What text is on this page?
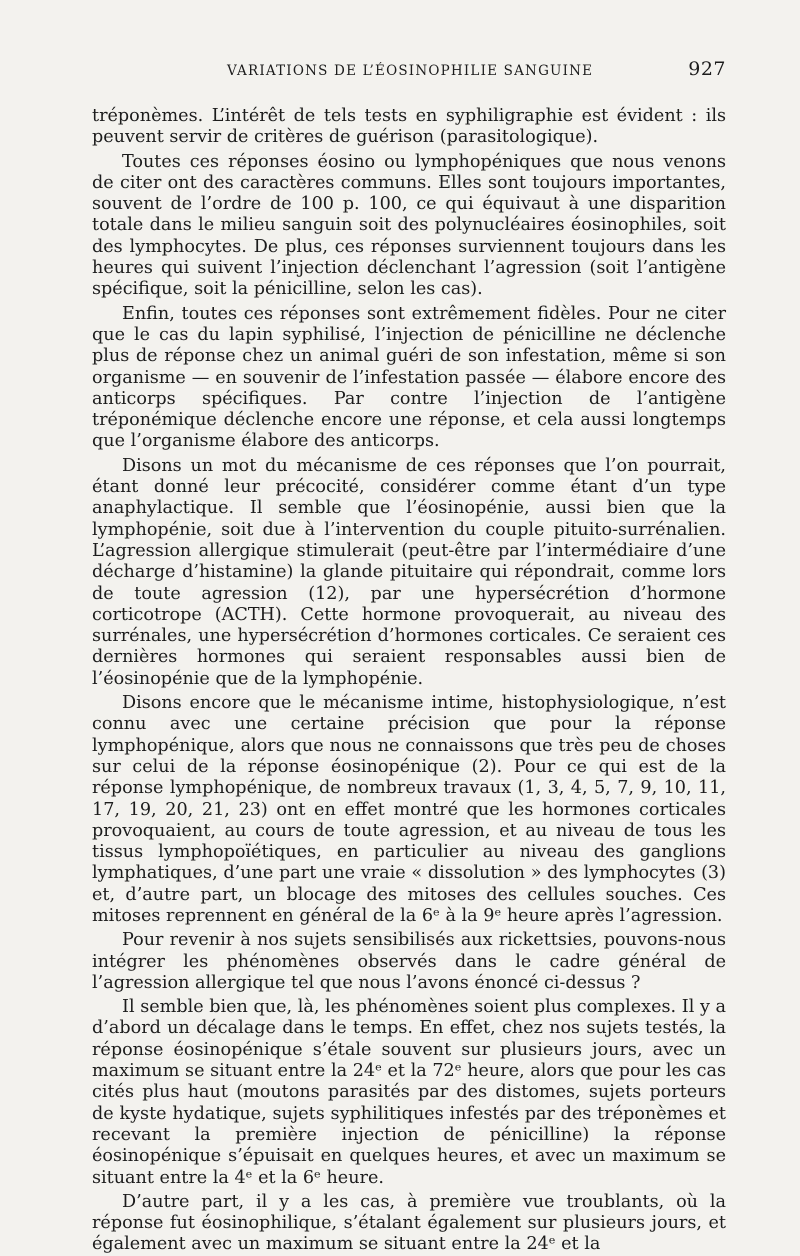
VARIATIONS DE L’ÉOSINOPHILIE SANGUINE	927

tréponèmes. L’intérêt de tels tests en syphiligraphie est évident : ils peuvent servir de critères de guérison (parasitologique).

Toutes ces réponses éosino ou lymphopéniques que nous venons de citer ont des caractères communs. Elles sont toujours importantes, souvent de l’ordre de 100 p. 100, ce qui équivaut à une disparition totale dans le milieu sanguin soit des polynucléaires éosinophiles, soit des lymphocytes. De plus, ces réponses surviennent toujours dans les heures qui suivent l’injection déclenchant l’agression (soit l’antigène spécifique, soit la pénicilline, selon les cas).

Enfin, toutes ces réponses sont extrêmement fidèles. Pour ne citer que le cas du lapin syphilisé, l’injection de pénicilline ne déclenche plus de réponse chez un animal guéri de son infestation, même si son organisme — en souvenir de l’infestation passée — élabore encore des anticorps spécifiques. Par contre l’injection de l’antigène tréponémique déclenche encore une réponse, et cela aussi longtemps que l’organisme élabore des anticorps.

Disons un mot du mécanisme de ces réponses que l’on pourrait, étant donné leur précocité, considérer comme étant d’un type anaphylactique. Il semble que l’éosinopénie, aussi bien que la lymphopénie, soit due à l’intervention du couple pituito-surrénalien. L’agression allergique stimulerait (peut-être par l’intermédiaire d’une décharge d’histamine) la glande pituitaire qui répondrait, comme lors de toute agression (12), par une hypersécrétion d’hormone corticotrope (ACTH). Cette hormone provoquerait, au niveau des surrénales, une hypersécrétion d’hormones corticales. Ce seraient ces dernières hormones qui seraient responsables aussi bien de l’éosinopénie que de la lymphopénie.

Disons encore que le mécanisme intime, histophysiologique, n’est connu avec une certaine précision que pour la réponse lymphopénique, alors que nous ne connaissons que très peu de choses sur celui de la réponse éosinopénique (2). Pour ce qui est de la réponse lymphopénique, de nombreux travaux (1, 3, 4, 5, 7, 9, 10, 11, 17, 19, 20, 21, 23) ont en effet montré que les hormones corticales provoquaient, au cours de toute agression, et au niveau de tous les tissus lymphopoïétiques, en particulier au niveau des ganglions lymphatiques, d’une part une vraie « dissolution » des lymphocytes (3) et, d’autre part, un blocage des mitoses des cellules souches. Ces mitoses reprennent en général de la 6ᵉ à la 9ᵉ heure après l’agression.

Pour revenir à nos sujets sensibilisés aux rickettsies, pouvons-nous intégrer les phénomènes observés dans le cadre général de l’agression allergique tel que nous l’avons énoncé ci-dessus ?

Il semble bien que, là, les phénomènes soient plus complexes. Il y a d’abord un décalage dans le temps. En effet, chez nos sujets testés, la réponse éosinopénique s’étale souvent sur plusieurs jours, avec un maximum se situant entre la 24ᵉ et la 72ᵉ heure, alors que pour les cas cités plus haut (moutons parasités par des distomes, sujets porteurs de kyste hydatique, sujets syphilitiques infestés par des tréponèmes et recevant la première injection de pénicilline) la réponse éosinopénique s’épuisait en quelques heures, et avec un maximum se situant entre la 4ᵉ et la 6ᵉ heure.

D’autre part, il y a les cas, à première vue troublants, où la réponse fut éosinophilique, s’étalant également sur plusieurs jours, et également avec un maximum se situant entre la 24ᵉ et la
